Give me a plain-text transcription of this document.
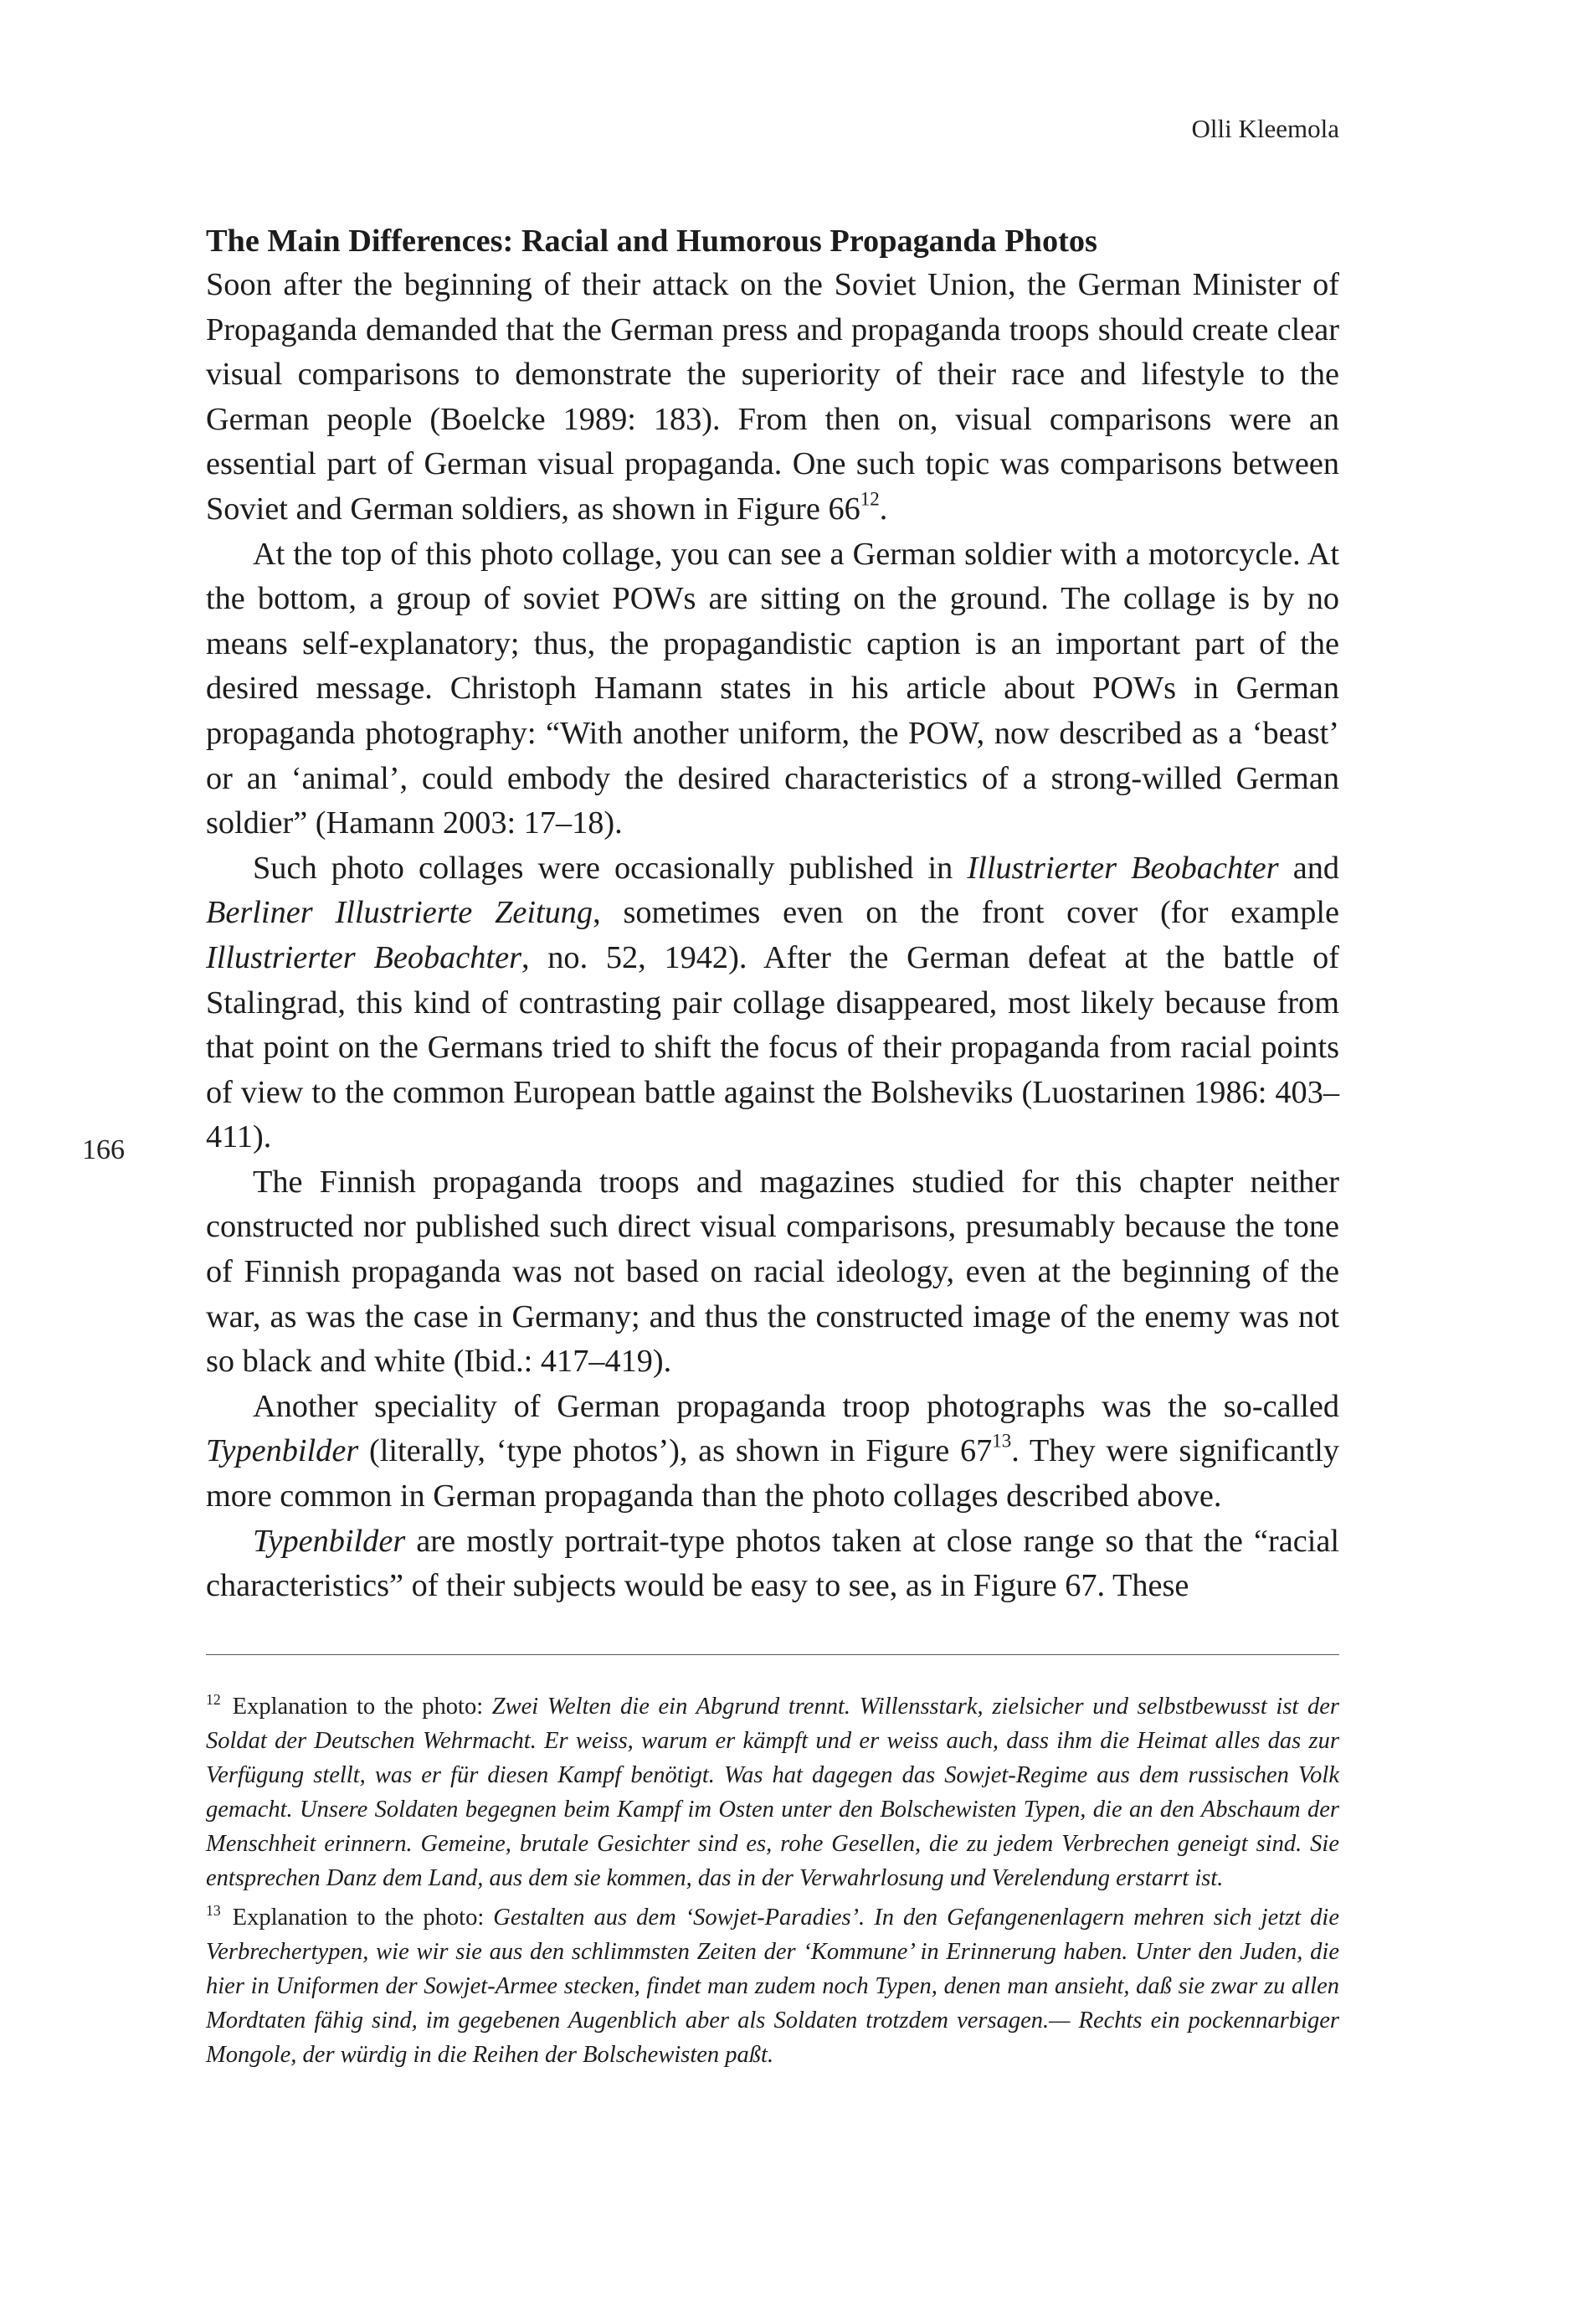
Olli Kleemola
166
The Main Differences: Racial and Humorous Propaganda Photos

Soon after the beginning of their attack on the Soviet Union, the German Minister of Propaganda demanded that the German press and propaganda troops should create clear visual comparisons to demonstrate the superiority of their race and lifestyle to the German people (Boelcke 1989: 183). From then on, visual comparisons were an essential part of German visual propaganda. One such topic was comparisons between Soviet and German soldiers, as shown in Figure $66^{12}$.

At the top of this photo collage, you can see a German soldier with a motorcycle. At the bottom, a group of soviet POWs are sitting on the ground. The collage is by no means self-explanatory; thus, the propagandistic caption is an important part of the desired message. Christoph Hamann states in his article about POWs in German propaganda photography: “With another uniform, the POW, now described as a ‘beast’ or an ‘animal’, could embody the desired characteristics of a strong-willed German soldier” (Hamann 2003: 17–18).

Such photo collages were occasionally published in Illustrierter Beobachter and Berliner Illustrierte Zeitung, sometimes even on the front cover (for example Illustrierter Beobachter, no. 52, 1942). After the German defeat at the battle of Stalingrad, this kind of contrasting pair collage disappeared, most likely because from that point on the Germans tried to shift the focus of their propaganda from racial points of view to the common European battle against the Bolsheviks (Luostarinen 1986: 403–411).

The Finnish propaganda troops and magazines studied for this chapter neither constructed nor published such direct visual comparisons, presumably because the tone of Finnish propaganda was not based on racial ideology, even at the beginning of the war, as was the case in Germany; and thus the constructed image of the enemy was not so black and white (Ibid.: 417–419).

Another speciality of German propaganda troop photographs was the so-called Typenbilder (literally, ‘type photos’), as shown in Figure $67^{13}$. They were significantly more common in German propaganda than the photo collages described above.

Typenbilder are mostly portrait-type photos taken at close range so that the “racial characteristics” of their subjects would be easy to see, as in Figure 67. These

$^{12}$ Explanation to the photo: Zwei Welten die ein Abgrund trennt. Willensstark, zielsicher und selbstbewusst ist der Soldat der Deutschen Wehrmacht. Er weiss, warum er kämpft und er weiss auch, dass ihm die Heimat alles das zur Verfügung stellt, was er für diesen Kampf benötigt. Was hat dagegen das Sowjet-Regime aus dem russischen Volk gemacht. Unsere Soldaten begegnen beim Kampf im Osten unter den Bolschewisten Typen, die an den Abschaum der Menschheit erinnern. Gemeine, brutale Gesichter sind es, rohe Gesellen, die zu jedem Verbrechen geneigt sind. Sie entsprechen Danz dem Land, aus dem sie kommen, das in der Verwahrlosung und Verelendung erstarrt ist.

$^{13}$ Explanation to the photo: Gestalten aus dem ‘Sowjet-Paradies’. In den Gefangenenlagern mehren sich jetzt die Verbrechertypen, wie wir sie aus den schlimmsten Zeiten der ‘Kommune’ in Erinnerung haben. Unter den Juden, die hier in Uniformen der Sowjet-Armee stecken, findet man zudem noch Typen, denen man ansieht, daß sie zwar zu allen Mordtaten fähig sind, im gegebenen Augenblich aber als Soldaten trotzdem versagen.— Rechts ein pockennarbiger Mongole, der würdig in die Reihen der Bolschewisten paßt.
